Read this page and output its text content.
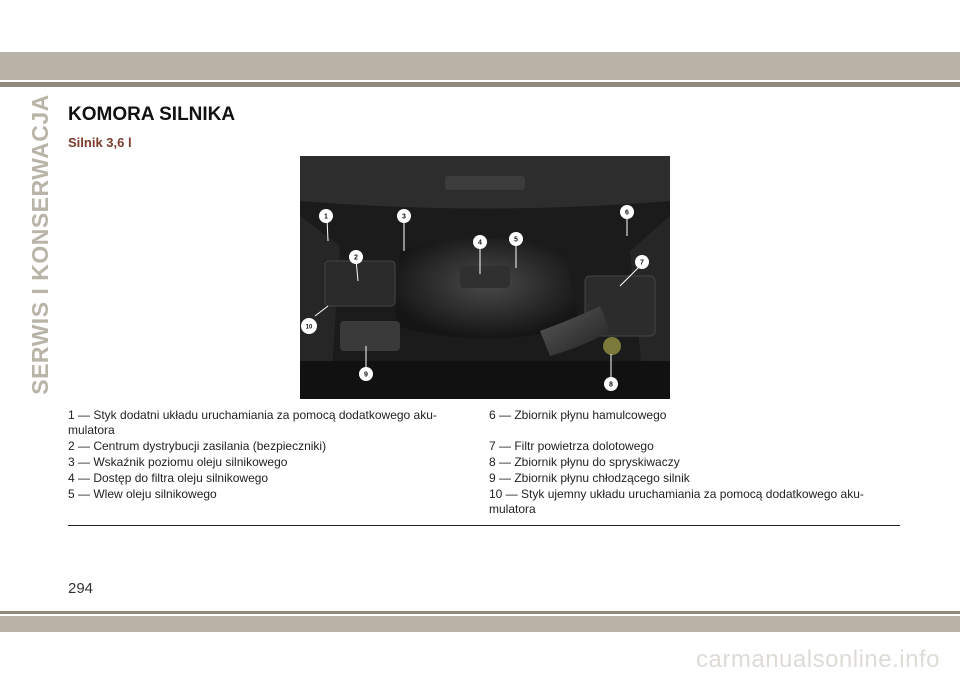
SERWIS I KONSERWACJA KOMORA SILNIKA
Silnik 3,6 l
1
2
3
4	5
6
7
8
9
10
1 — Styk dodatni układu uruchamiania za pomocą dodatkowego aku-mulatora
2 — Centrum dystrybucji zasilania (bezpieczniki)
3 — Wskaźnik poziomu oleju silnikowego
4 — Dostęp do filtra oleju silnikowego
5 — Wlew oleju silnikowego
6 — Zbiornik płynu hamulcowego
7 — Filtr powietrza dolotowego
8 — Zbiornik płynu do spryskiwaczy
9 — Zbiornik płynu chłodzącego silnik
10 — Styk ujemny układu uruchamiania za pomocą dodatkowego aku-mulatora
294
carmanualsonline.info
